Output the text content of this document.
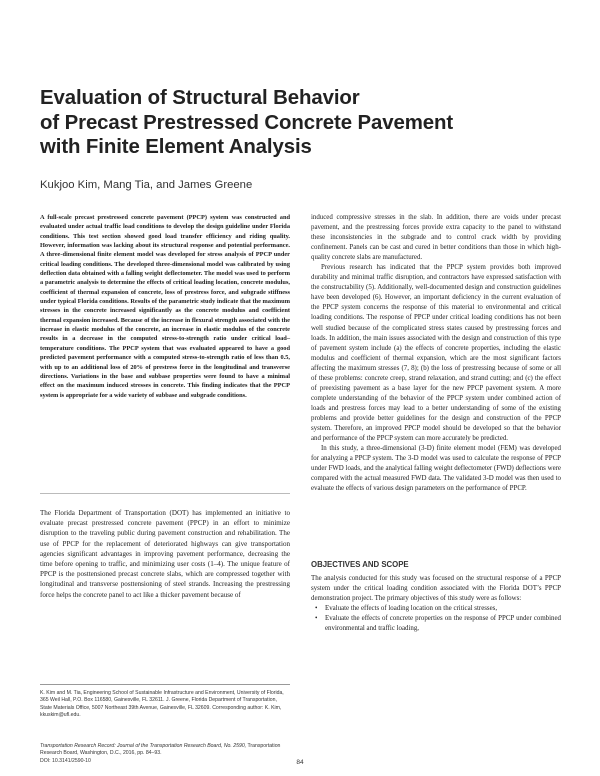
Evaluation of Structural Behavior
of Precast Prestressed Concrete Pavement
with Finite Element Analysis
Kukjoo Kim, Mang Tia, and James Greene
A full-scale precast prestressed concrete pavement (PPCP) system was constructed and evaluated under actual traffic load conditions to develop the design guideline under Florida conditions. This test section showed good load transfer efficiency and riding quality. However, information was lacking about its structural response and potential performance. A three-dimensional finite element model was developed for stress analysis of PPCP under critical loading conditions. The developed three-dimensional model was calibrated by using deflection data obtained with a falling weight deflectometer. The model was used to perform a parametric analysis to determine the effects of critical loading location, concrete modulus, coefficient of thermal expansion of concrete, loss of prestress force, and subgrade stiffness under typical Florida conditions. Results of the parametric study indicate that the maximum stresses in the concrete increased significantly as the concrete modulus and coefficient thermal expansion increased. Because of the increase in flexural strength associated with the increase in elastic modulus of the concrete, an increase in elastic modulus of the concrete results in a decrease in the computed stress-to-strength ratio under critical load–temperature conditions. The PPCP system that was evaluated appeared to have a good predicted pavement performance with a computed stress-to-strength ratio of less than 0.5, with up to an additional loss of 20% of prestress force in the longitudinal and transverse directions. Variations in the base and subbase properties were found to have a minimal effect on the maximum induced stresses in concrete. This finding indicates that the PPCP system is appropriate for a wide variety of subbase and subgrade conditions.
The Florida Department of Transportation (DOT) has implemented an initiative to evaluate precast prestressed concrete pavement (PPCP) in an effort to minimize disruption to the traveling public during pavement construction and rehabilitation. The use of PPCP for the replacement of deteriorated highways can give transportation agencies significant advantages in improving pavement performance, decreasing the time before opening to traffic, and minimizing user costs (1–4). The unique feature of PPCP is the posttensioned precast concrete slabs, which are compressed together with longitudinal and transverse posttensioning of steel strands. Increasing the prestressing force helps the concrete panel to act like a thicker pavement because of

induced compressive stresses in the slab. In addition, there are voids under precast pavement, and the prestressing forces provide extra capacity to the panel to withstand these inconsistencies in the subgrade and to control crack width by providing confinement. Panels can be cast and cured in better conditions than those in which high-quality concrete slabs are manufactured.

Previous research has indicated that the PPCP system provides both improved durability and minimal traffic disruption, and contractors have expressed satisfaction with the constructability (5). Additionally, well-documented design and construction guidelines have been developed (6). However, an important deficiency in the current evaluation of the PPCP system concerns the response of this material to environmental and critical loading conditions. The response of PPCP under critical loading conditions has not been well studied because of the complicated stress states caused by prestressing forces and loads. In addition, the main issues associated with the design and construction of this type of pavement system include (a) the effects of concrete properties, including the elastic modulus and coefficient of thermal expansion, which are the most significant factors affecting the maximum stresses (7, 8); (b) the loss of prestressing because of some or all of these problems: concrete creep, strand relaxation, and strand cutting; and (c) the effect of preexisting pavement as a base layer for the new PPCP pavement system. A more complete understanding of the behavior of the PPCP system under combined action of loads and prestress forces may lead to a better understanding of some of the existing problems and provide better guidelines for the design and construction of the PPCP system. Therefore, an improved PPCP model should be developed so that the behavior and performance of the PPCP system can more accurately be predicted.

In this study, a three-dimensional (3-D) finite element model (FEM) was developed for analyzing a PPCP system. The 3-D model was used to calculate the response of PPCP under FWD loads, and the analytical falling weight deflectometer (FWD) deflections were compared with the actual measured FWD data. The validated 3-D model was then used to evaluate the effects of various design parameters on the performance of PPCP.

OBJECTIVES AND SCOPE

The analysis conducted for this study was focused on the structural response of a PPCP system under the critical loading condition associated with the Florida DOT’s PPCP demonstration project. The primary objectives of this study were as follows:

• Evaluate the effects of loading location on the critical stresses,

• Evaluate the effects of concrete properties on the response of PPCP under combined environmental and traffic loading,

K. Kim and M. Tia, Engineering School of Sustainable Infrastructure and Environment, University of Florida, 365 Weil Hall, P.O. Box 116580, Gainesville, FL 32611. J. Greene, Florida Department of Transportation, State Materials Office, 5007 Northeast 39th Avenue, Gainesville, FL 32609. Corresponding author: K. Kim, kkuskim@ufl.edu.
Transportation Research Record: Journal of the Transportation Research Board, No. 2590, Transportation Research Board, Washington, D.C., 2016, pp. 84–93.
DOI: 10.3141/2590-10	84
